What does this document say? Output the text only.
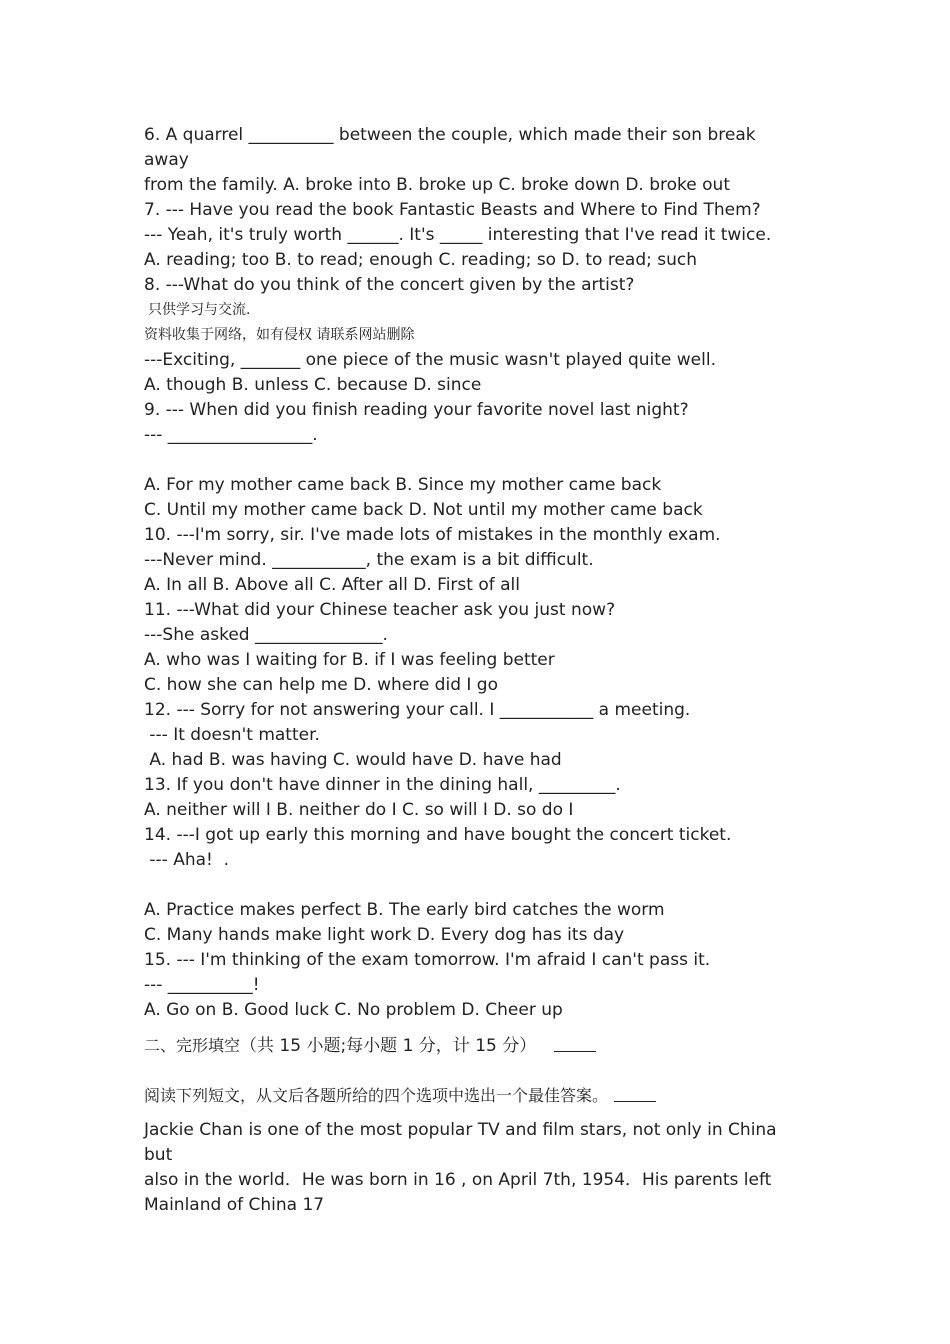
6. A quarrel __________ between the couple, which made their son break
away
from the family. A. broke into B. broke up C. broke down D. broke out
7. --- Have you read the book Fantastic Beasts and Where to Find Them?
--- Yeah, it's truly worth ______. It's _____ interesting that I've read it twice.
A. reading; too B. to read; enough C. reading; so D. to read; such
8. ---What do you think of the concert given by the artist?
只供学习与交流.
资料收集于网络，如有侵权 请联系网站删除
---Exciting, _______ one piece of the music wasn't played quite well.
A. though B. unless C. because D. since
9. --- When did you finish reading your favorite novel last night?
--- _________________.
A. For my mother came back B. Since my mother came back
C. Until my mother came back D. Not until my mother came back
10. ---I'm sorry, sir. I've made lots of mistakes in the monthly exam.
---Never mind. ___________, the exam is a bit difficult.
A. In all B. Above all C. After all D. First of all
11. ---What did your Chinese teacher ask you just now?
---She asked _______________.
A. who was I waiting for B. if I was feeling better
C. how she can help me D. where did I go
12. --- Sorry for not answering your call. I ___________ a meeting.
--- It doesn't matter.
A. had B. was having C. would have D. have had
13. If you don't have dinner in the dining hall, _________.
A. neither will I B. neither do I C. so will I D. so do I
14. ---I got up early this morning and have bought the concert ticket.
--- Aha!  .
A. Practice makes perfect B. The early bird catches the worm
C. Many hands make light work D. Every dog has its day
15. --- I'm thinking of the exam tomorrow. I'm afraid I can't pass it.
--- __________!
A. Go on B. Good luck C. No problem D. Cheer up
二、完形填空 （共 15 小题;每小题 1 分，计 15 分）
阅读下列短文，从文后各题所给的四个选项中选出一个最佳答案。
Jackie Chan is one of the most popular TV and film stars, not only in China
but
also in the world．He was born in 16 , on April 7th, 1954．His parents left
Mainland of China 17
